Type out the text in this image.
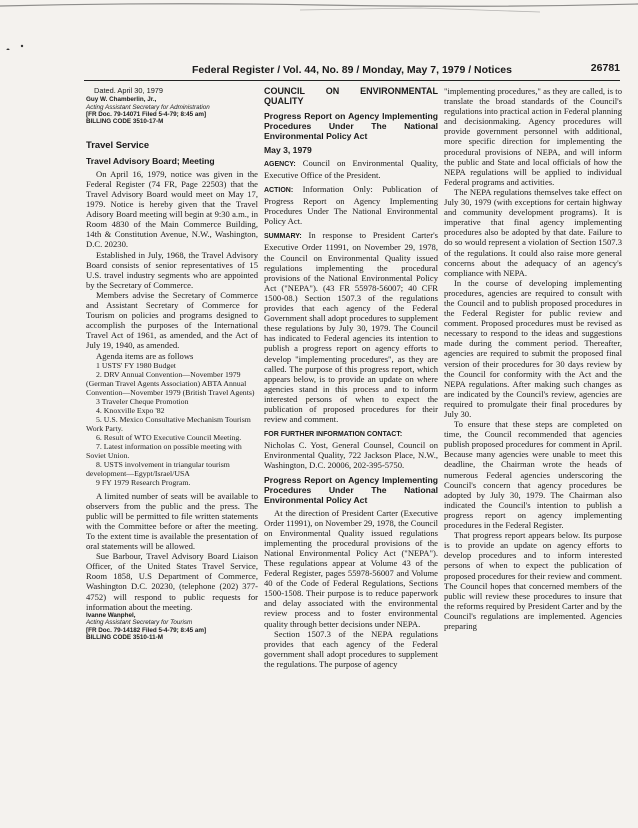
Federal Register / Vol. 44, No. 89 / Monday, May 7, 1979 / Notices	26781
Dated. April 30, 1979
Guy W. Chamberlin, Jr.,
Acting Assistant Secretary for Administration
[FR Doc. 79-14071 Filed 5-4-79; 8:45 am]
BILLING CODE 3510-17-M
Travel Service
Travel Advisory Board; Meeting

On April 16, 1979, notice was given in the Federal Register (74 FR, Page 22503) that the Travel Advisory Board would meet on May 17, 1979. Notice is hereby given that the Travel Adisory Board meeting will begin at 9:30 a.m., in Room 4830 of the Main Commerce Building, 14th & Constitution Avenue, N.W., Washington, D.C. 20230.

Established in July, 1968, the Travel Advisory Board consists of senior representatives of 15 U.S. travel industry segments who are appointed by the Secretary of Commerce.

Members advise the Secretary of Commerce and Assistant Secretary of Commerce for Tourism on policies and programs designed to accomplish the purposes of the International Travel Act of 1961, as amended, and the Act of July 19, 1940, as amended.

Agenda items are as follows

1 USTS' FY 1980 Budget

2. DRV Annual Convention—November 1979 (German Travel Agents Association) ABTA Annual Convention—November 1979 (British Travel Agents)

3 Traveler Cheque Promotion

4. Knoxville Expo '82

5. U.S. Mexico Consultative Mechanism Tourism Work Party.

6. Result of WTO Executive Council Meeting.

7. Latest information on possible meeting with Soviet Union.

8. USTS involvement in triangular tourism development—Egypt/Israel/USA

9 FY 1979 Research Program.

A limited number of seats will be available to observers from the public and the press. The public will be permitted to file written statements with the Committee before or after the meeting. To the extent time is available the presentation of oral statements will be allowed.

Sue Barbour, Travel Advisory Board Liaison Officer, of the United States Travel Service, Room 1858, U.S Department of Commerce, Washington D.C. 20230, (telephone (202) 377-4752) will respond to public requests for information about the meeting.

Ivanne Wanphel,
Acting Assistant Secretary for Tourism
[FR Doc. 79-14182 Filed 5-4-79; 8:45 am]
BILLING CODE 3510-11-M
COUNCIL ON ENVIRONMENTAL QUALITY
Progress Report on Agency Implementing Procedures Under The National Environmental Policy Act
May 3, 1979

AGENCY: Council on Environmental Quality, Executive Office of the President.

ACTION: Information Only: Publication of Progress Report on Agency Implementing Procedures Under The National Environmental Policy Act.

SUMMARY: In response to President Carter's Executive Order 11991, on November 29, 1978, the Council on Environmental Quality issued regulations implementing the procedural provisions of the National Environmental Policy Act ("NEPA"). (43 FR 55978-56007; 40 CFR 1500-08.) Section 1507.3 of the regulations provides that each agency of the Federal Government shall adopt procedures to supplement these regulations by July 30, 1979. The Council has indicated to Federal agencies its intention to publish a progress report on agency efforts to develop "implementing procedures", as they are called. The purpose of this progress report, which appears below, is to provide an update on where agencies stand in this process and to inform interested persons of when to expect the publication of proposed procedures for their review and comment.

FOR FURTHER INFORMATION CONTACT:
Nicholas C. Yost, General Counsel, Council on Environmental Quality, 722 Jackson Place, N.W., Washington, D.C. 20006, 202-395-5750.

Progress Report on Agency Implementing Procedures Under The National Environmental Policy Act

At the direction of President Carter (Executive Order 11991), on November 29, 1978, the Council on Environmental Quality issued regulations implementing the procedural provisions of the National Environmental Policy Act ("NEPA"). These regulations appear at Volume 43 of the Federal Register, pages 55978-56007 and Volume 40 of the Code of Federal Regulations, Sections 1500-1508. Their purpose is to reduce paperwork and delay associated with the environmental review process and to foster environmental quality through better decisions under NEPA.

Section 1507.3 of the NEPA regulations provides that each agency of the Federal government shall adopt procedures to supplement the regulations. The purpose of agency

"implementing procedures," as they are called, is to translate the broad standards of the Council's regulations into practical action in Federal planning and decisionmaking. Agency procedures will provide government personnel with additional, more specific direction for implementing the procedural provisions of NEPA, and will inform the public and State and local officials of how the NEPA regulations will be applied to individual Federal programs and activities.

The NEPA regulations themselves take effect on July 30, 1979 (with exceptions for certain highway and community development programs). It is imperative that final agency implementing procedures also be adopted by that date. Failure to do so would represent a violation of Section 1507.3 of the regulations. It could also raise more general concerns about the adequacy of an agency's compliance with NEPA.

In the course of developing implementing procedures, agencies are required to consult with the Council and to publish proposed procedures in the Federal Register for public review and comment. Proposed procedures must be revised as necessary to respond to the ideas and suggestions made during the comment period. Thereafter, agencies are required to submit the proposed final version of their procedures for 30 days review by the Council for conformity with the Act and the NEPA regulations. After making such changes as are indicated by the Council's review, agencies are required to promulgate their final procedures by July 30.

To ensure that these steps are completed on time, the Council recommended that agencies publish proposed procedures for comment in April. Because many agencies were unable to meet this deadline, the Chairman wrote the heads of numerous Federal agencies underscoring the Council's concern that agency procedures be adopted by July 30, 1979. The Chairman also indicated the Council's intention to publish a progress report on agency implementing procedures in the Federal Register.

That progress report appears below. Its purpose is to provide an update on agency efforts to develop procedures and to inform interested persons of when to expect the publication of proposed procedures for their review and comment. The Council hopes that concerned members of the public will review these procedures to insure that the reforms required by President Carter and by the Council's regulations are implemented. Agencies preparing
